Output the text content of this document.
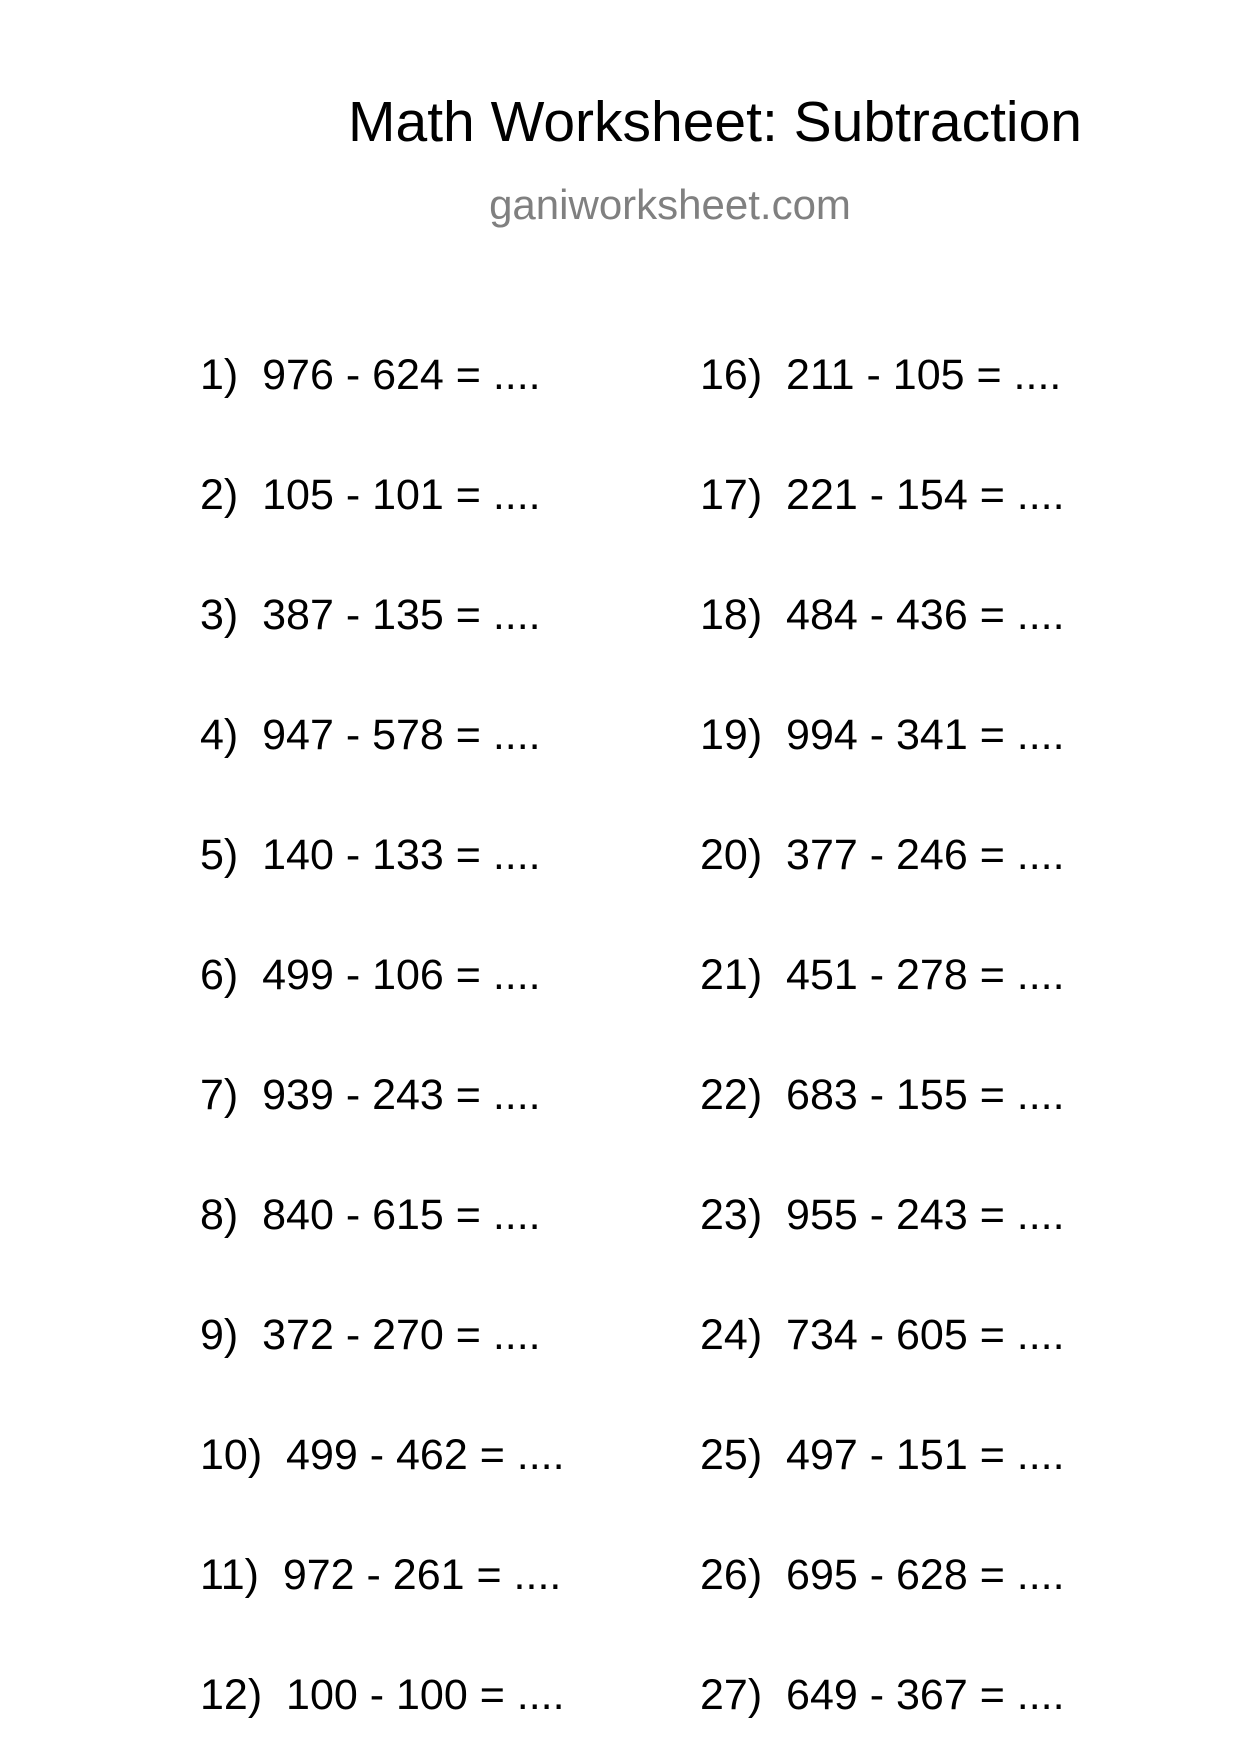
Math Worksheet: Subtraction
ganiworksheet.com
1)  976 - 624 = ....
2)  105 - 101 = ....
3)  387 - 135 = ....
4)  947 - 578 = ....
5)  140 - 133 = ....
6)  499 - 106 = ....
7)  939 - 243 = ....
8)  840 - 615 = ....
9)  372 - 270 = ....
10)  499 - 462 = ....
11)  972 - 261 = ....
12)  100 - 100 = ....
16)  211 - 105 = ....
17)  221 - 154 = ....
18)  484 - 436 = ....
19)  994 - 341 = ....
20)  377 - 246 = ....
21)  451 - 278 = ....
22)  683 - 155 = ....
23)  955 - 243 = ....
24)  734 - 605 = ....
25)  497 - 151 = ....
26)  695 - 628 = ....
27)  649 - 367 = ....
